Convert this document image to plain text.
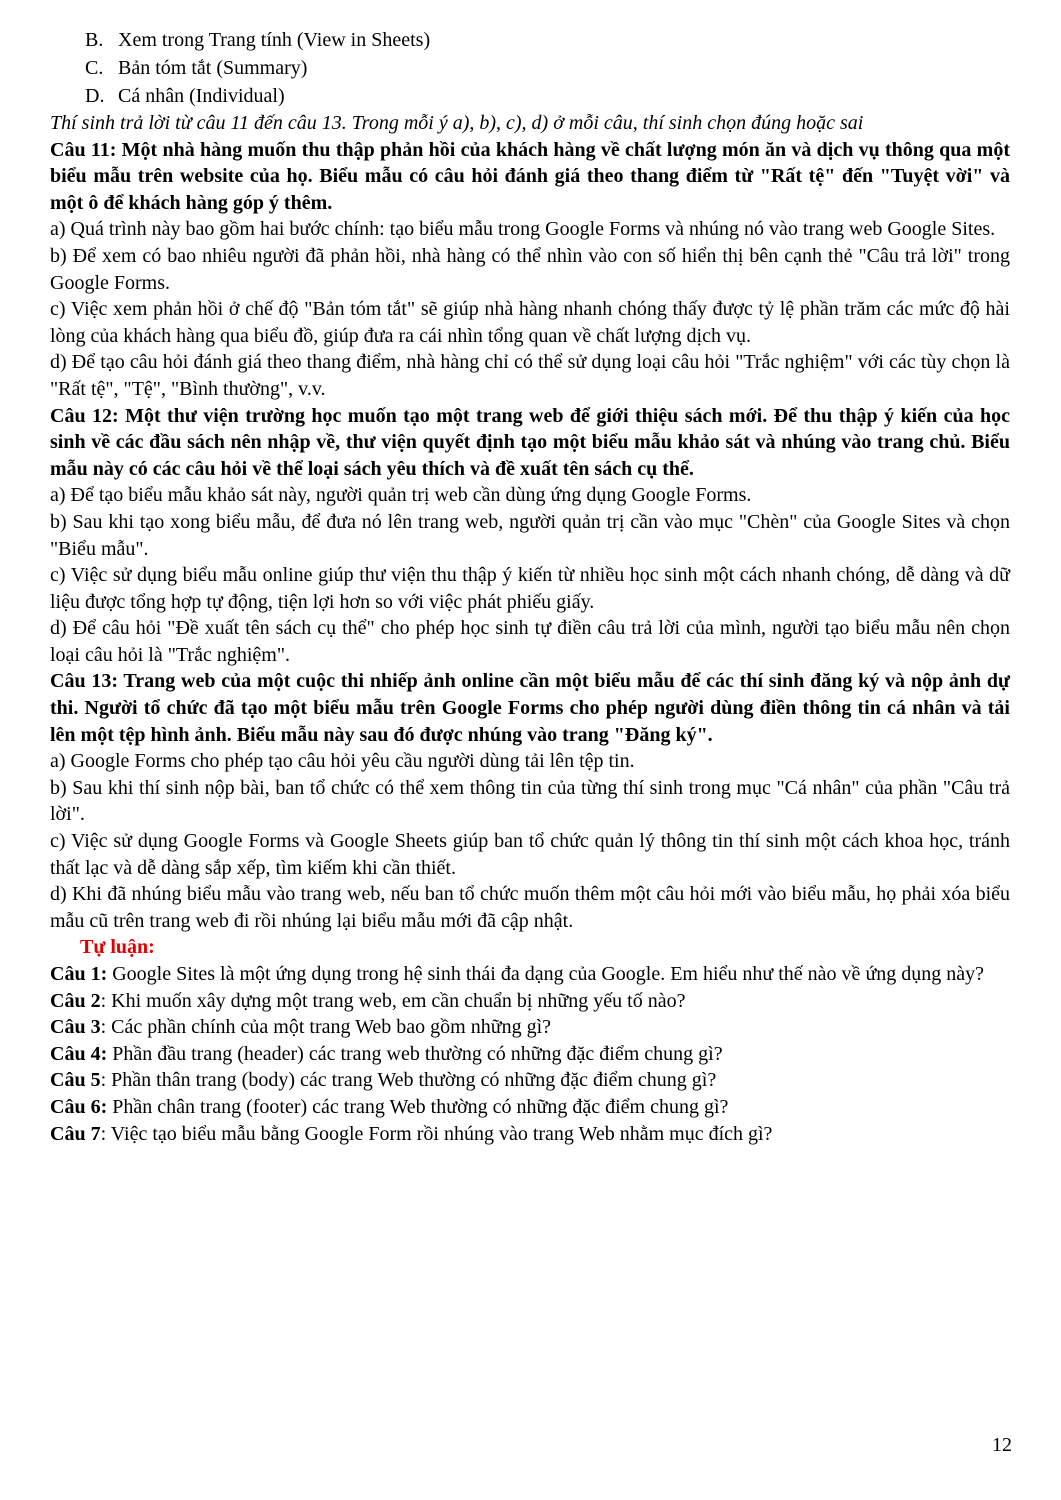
B. Xem trong Trang tính (View in Sheets)
C. Bản tóm tắt (Summary)
D. Cá nhân (Individual)

Thí sinh trả lời từ câu 11 đến câu 13. Trong mỗi ý a), b), c), d) ở mỗi câu, thí sinh chọn đúng hoặc sai

Câu 11: Một nhà hàng muốn thu thập phản hồi của khách hàng về chất lượng món ăn và dịch vụ thông qua một biểu mẫu trên website của họ. Biểu mẫu có câu hỏi đánh giá theo thang điểm từ "Rất tệ" đến "Tuyệt vời" và một ô để khách hàng góp ý thêm.

a) Quá trình này bao gồm hai bước chính: tạo biểu mẫu trong Google Forms và nhúng nó vào trang web Google Sites.

b) Để xem có bao nhiêu người đã phản hồi, nhà hàng có thể nhìn vào con số hiển thị bên cạnh thẻ "Câu trả lời" trong Google Forms.

c) Việc xem phản hồi ở chế độ "Bản tóm tắt" sẽ giúp nhà hàng nhanh chóng thấy được tỷ lệ phần trăm các mức độ hài lòng của khách hàng qua biểu đồ, giúp đưa ra cái nhìn tổng quan về chất lượng dịch vụ.

d) Để tạo câu hỏi đánh giá theo thang điểm, nhà hàng chỉ có thể sử dụng loại câu hỏi "Trắc nghiệm" với các tùy chọn là "Rất tệ", "Tệ", "Bình thường", v.v.

Câu 12: Một thư viện trường học muốn tạo một trang web để giới thiệu sách mới. Để thu thập ý kiến của học sinh về các đầu sách nên nhập về, thư viện quyết định tạo một biểu mẫu khảo sát và nhúng vào trang chủ. Biểu mẫu này có các câu hỏi về thể loại sách yêu thích và đề xuất tên sách cụ thể.

a) Để tạo biểu mẫu khảo sát này, người quản trị web cần dùng ứng dụng Google Forms.

b) Sau khi tạo xong biểu mẫu, để đưa nó lên trang web, người quản trị cần vào mục "Chèn" của Google Sites và chọn "Biểu mẫu".

c) Việc sử dụng biểu mẫu online giúp thư viện thu thập ý kiến từ nhiều học sinh một cách nhanh chóng, dễ dàng và dữ liệu được tổng hợp tự động, tiện lợi hơn so với việc phát phiếu giấy.

d) Để câu hỏi "Đề xuất tên sách cụ thể" cho phép học sinh tự điền câu trả lời của mình, người tạo biểu mẫu nên chọn loại câu hỏi là "Trắc nghiệm".

Câu 13: Trang web của một cuộc thi nhiếp ảnh online cần một biểu mẫu để các thí sinh đăng ký và nộp ảnh dự thi. Người tổ chức đã tạo một biểu mẫu trên Google Forms cho phép người dùng điền thông tin cá nhân và tải lên một tệp hình ảnh. Biểu mẫu này sau đó được nhúng vào trang "Đăng ký".

a) Google Forms cho phép tạo câu hỏi yêu cầu người dùng tải lên tệp tin.

b) Sau khi thí sinh nộp bài, ban tổ chức có thể xem thông tin của từng thí sinh trong mục "Cá nhân" của phần "Câu trả lời".

c) Việc sử dụng Google Forms và Google Sheets giúp ban tổ chức quản lý thông tin thí sinh một cách khoa học, tránh thất lạc và dễ dàng sắp xếp, tìm kiếm khi cần thiết.

d) Khi đã nhúng biểu mẫu vào trang web, nếu ban tổ chức muốn thêm một câu hỏi mới vào biểu mẫu, họ phải xóa biểu mẫu cũ trên trang web đi rồi nhúng lại biểu mẫu mới đã cập nhật.

Tự luận:

Câu 1: Google Sites là một ứng dụng trong hệ sinh thái đa dạng của Google. Em hiểu như thế nào về ứng dụng này?

Câu 2: Khi muốn xây dựng một trang web, em cần chuẩn bị những yếu tố nào?

Câu 3: Các phần chính của một trang Web bao gồm những gì?

Câu 4: Phần đầu trang (header) các trang web thường có những đặc điểm chung gì?

Câu 5: Phần thân trang (body) các trang Web thường có những đặc điểm chung gì?

Câu 6: Phần chân trang (footer) các trang Web thường có những đặc điểm chung gì?

Câu 7: Việc tạo biểu mẫu bằng Google Form rồi nhúng vào trang Web nhằm mục đích gì?

12
